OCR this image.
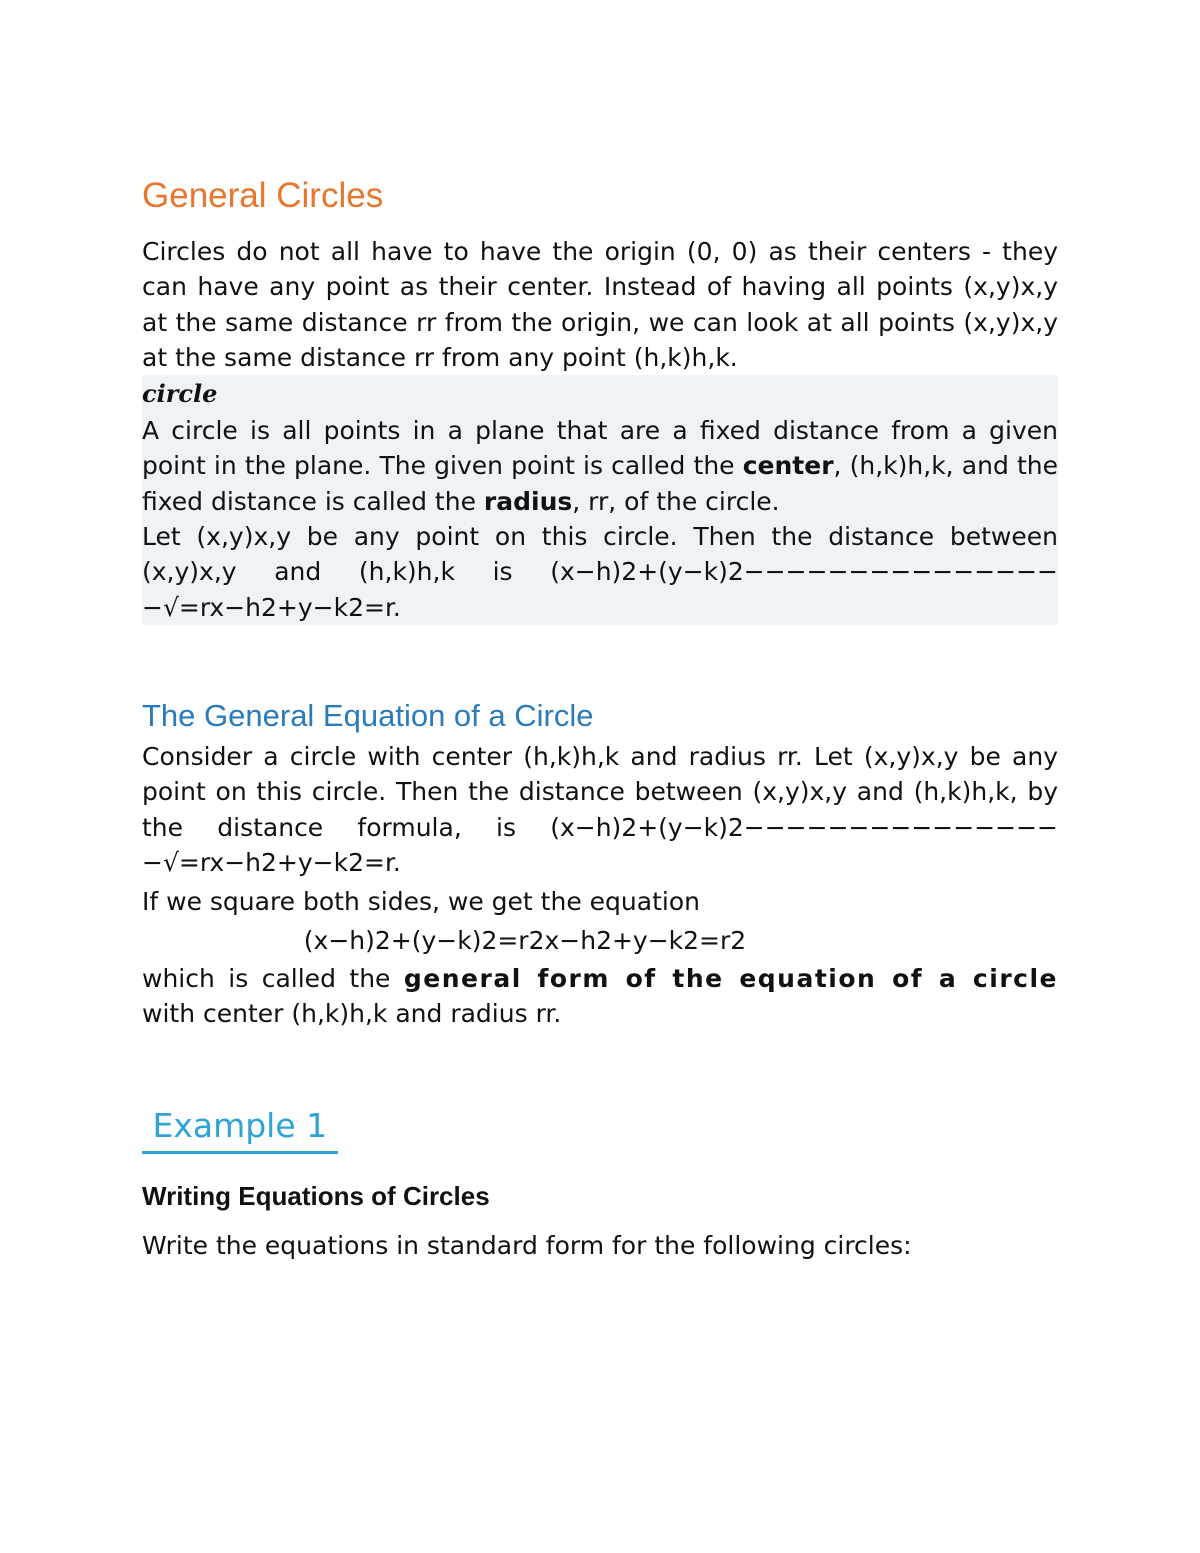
General Circles

Circles do not all have to have the origin (0, 0) as their centers - they can have any point as their center. Instead of having all points (x,y)x,y at the same distance rr from the origin, we can look at all points (x,y)x,y at the same distance rr from any point (h,k)h,k.

circle

A circle is all points in a plane that are a fixed distance from a given point in the plane. The given point is called the center, (h,k)h,k, and the fixed distance is called the radius, rr, of the circle.

Let (x,y)x,y be any point on this circle. Then the distance between (x,y)x,y and (h,k)h,k is (x−h)2+(y−k)2−−−−−−−−−−−−−−−−√=rx−h2+y−k2=r.

The General Equation of a Circle

Consider a circle with center (h,k)h,k and radius rr. Let (x,y)x,y be any point on this circle. Then the distance between (x,y)x,y and (h,k)h,k, by the distance formula, is (x−h)2+(y−k)2−−−−−−−−−−−−−−−−√=rx−h2+y−k2=r.

If we square both sides, we get the equation

(x−h)2+(y−k)2=r2x−h2+y−k2=r2

which is called the general form of the equation of a circle with center (h,k)h,k and radius rr.

Example 1
Writing Equations of Circles

Write the equations in standard form for the following circles:
